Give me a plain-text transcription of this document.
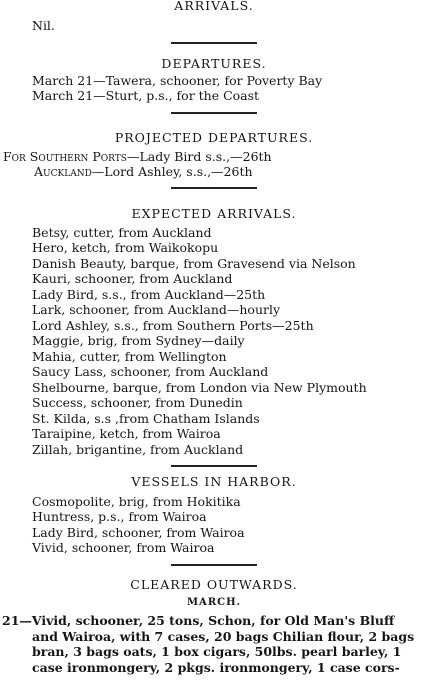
ARRIVALS.
Nil.
DEPARTURES.
March 21—Tawera, schooner, for Poverty Bay
March 21—Sturt, p.s., for the Coast
PROJECTED DEPARTURES.
For Southern Ports—Lady Bird s.s.,—26th
Auckland—Lord Ashley, s.s.,—26th
EXPECTED ARRIVALS.
Betsy, cutter, from Auckland
Hero, ketch, from Waikokopu
Danish Beauty, barque, from Gravesend via Nelson
Kauri, schooner, from Auckland
Lady Bird, s.s., from Auckland—25th
Lark, schooner, from Auckland—hourly
Lord Ashley, s.s., from Southern Ports—25th
Maggie, brig, from Sydney—daily
Mahia, cutter, from Wellington
Saucy Lass, schooner, from Auckland
Shelbourne, barque, from London via New Plymouth
Success, schooner, from Dunedin
St. Kilda, s.s ,from Chatham Islands
Taraipine, ketch, from Wairoa
Zillah, brigantine, from Auckland
VESSELS IN HARBOR.
Cosmopolite, brig, from Hokitika
Huntress, p.s., from Wairoa
Lady Bird, schooner, from Wairoa
Vivid, schooner, from Wairoa
CLEARED OUTWARDS.
MARCH.
21—Vivid, schooner, 25 tons, Schon, for Old Man's Bluff
and Wairoa, with 7 cases, 20 bags Chilian flour, 2 bags
bran, 3 bags oats, 1 box cigars, 50lbs. pearl barley, 1
case ironmongery, 2 pkgs. ironmongery, 1 case cors-
